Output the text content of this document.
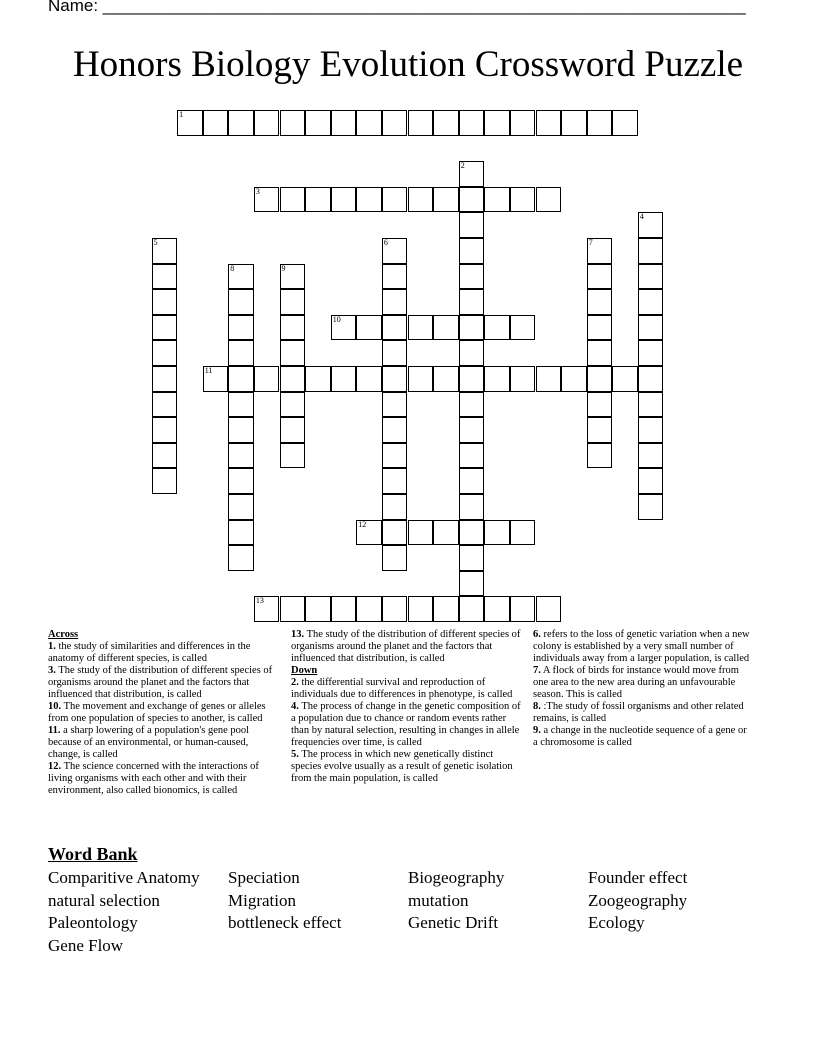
Name: ____________________________________________________________________
Honors Biology Evolution Crossword Puzzle
1
2
3
4
5	6	7
8	9
10
11
12
13

Across

1. the study of similarities and differences in the anatomy of different species, is called

3. The study of the distribution of different species of organisms around the planet and the factors that influenced that distribution, is called

10. The movement and exchange of genes or alleles from one population of species to another, is called

11. a sharp lowering of a population's gene pool because of an environmental, or human-caused, change, is called

12. The science concerned with the interactions of living organisms with each other and with their environment, also called bionomics, is called

13. The study of the distribution of different species of organisms around the planet and the factors that influenced that distribution, is called

Down

2. the differential survival and reproduction of individuals due to differences in phenotype, is called

4. The process of change in the genetic composition of a population due to chance or random events rather than by natural selection, resulting in changes in allele frequencies over time, is called

5. The process in which new genetically distinct species evolve usually as a result of genetic isolation from the main population, is called

6. refers to the loss of genetic variation when a new colony is established by a very small number of individuals away from a larger population, is called

7. A flock of birds for instance would move from one area to the new area during an unfavourable season. This is called

8. :The study of fossil organisms and other related remains, is called

9. a change in the nucleotide sequence of a gene or a chromosome is called

Word Bank
Comparitive Anatomy	Speciation	Biogeography	Founder effect
natural selection	Migration	mutation	Zoogeography
Paleontology	bottleneck effect	Genetic Drift	Ecology
Gene Flow
